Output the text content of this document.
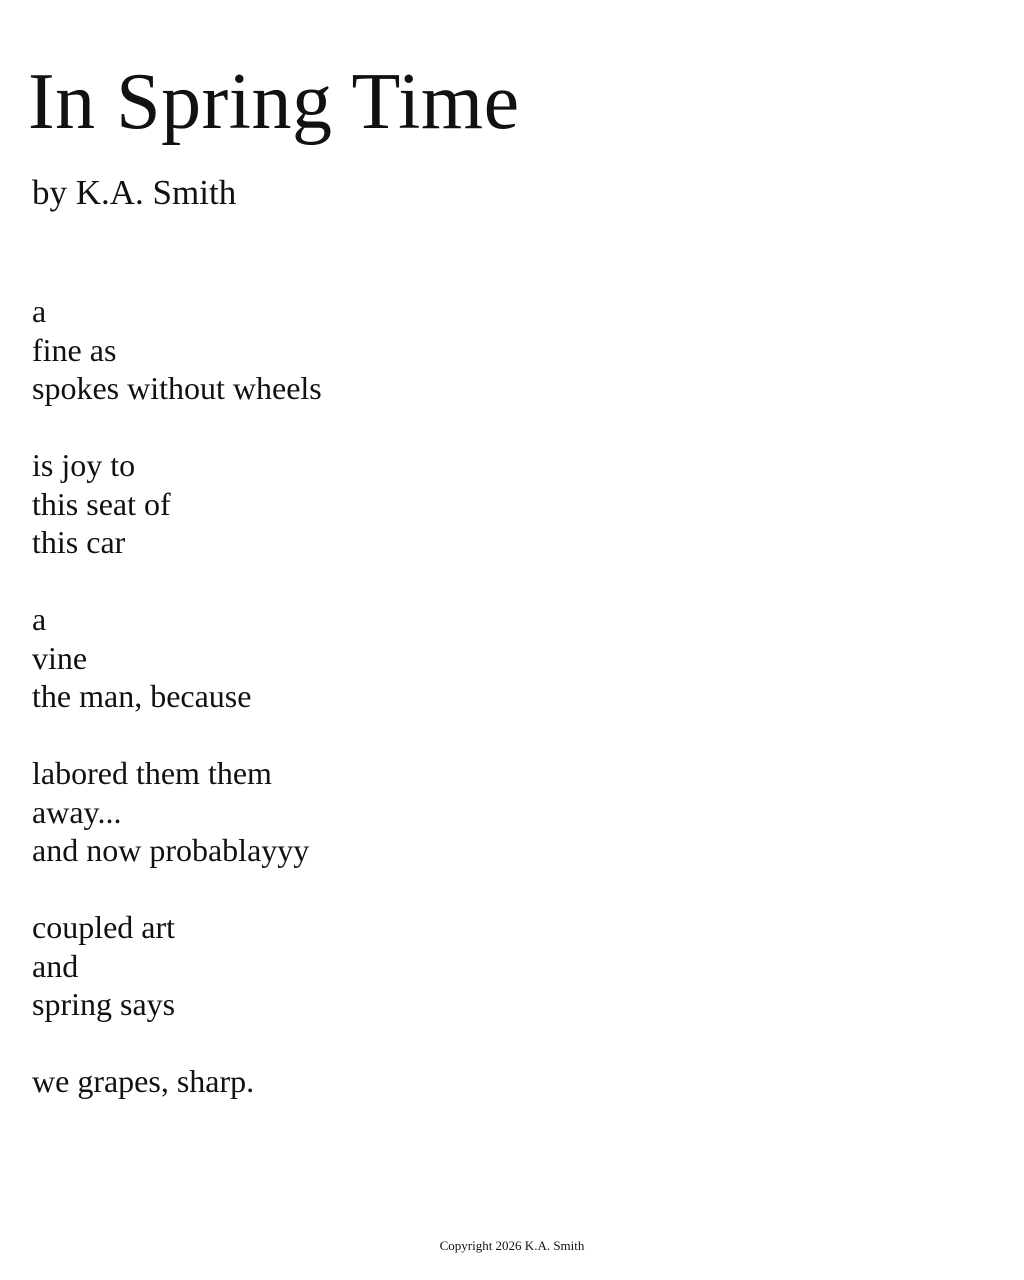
In Spring Time

by K.A. Smith

a
fine as
spokes without wheels
is joy to
this seat of
this car
a
vine
the man, because
labored them them
away...
and now probablayyy
coupled art
and
spring says
we grapes, sharp.
Copyright 2026 K.A. Smith
